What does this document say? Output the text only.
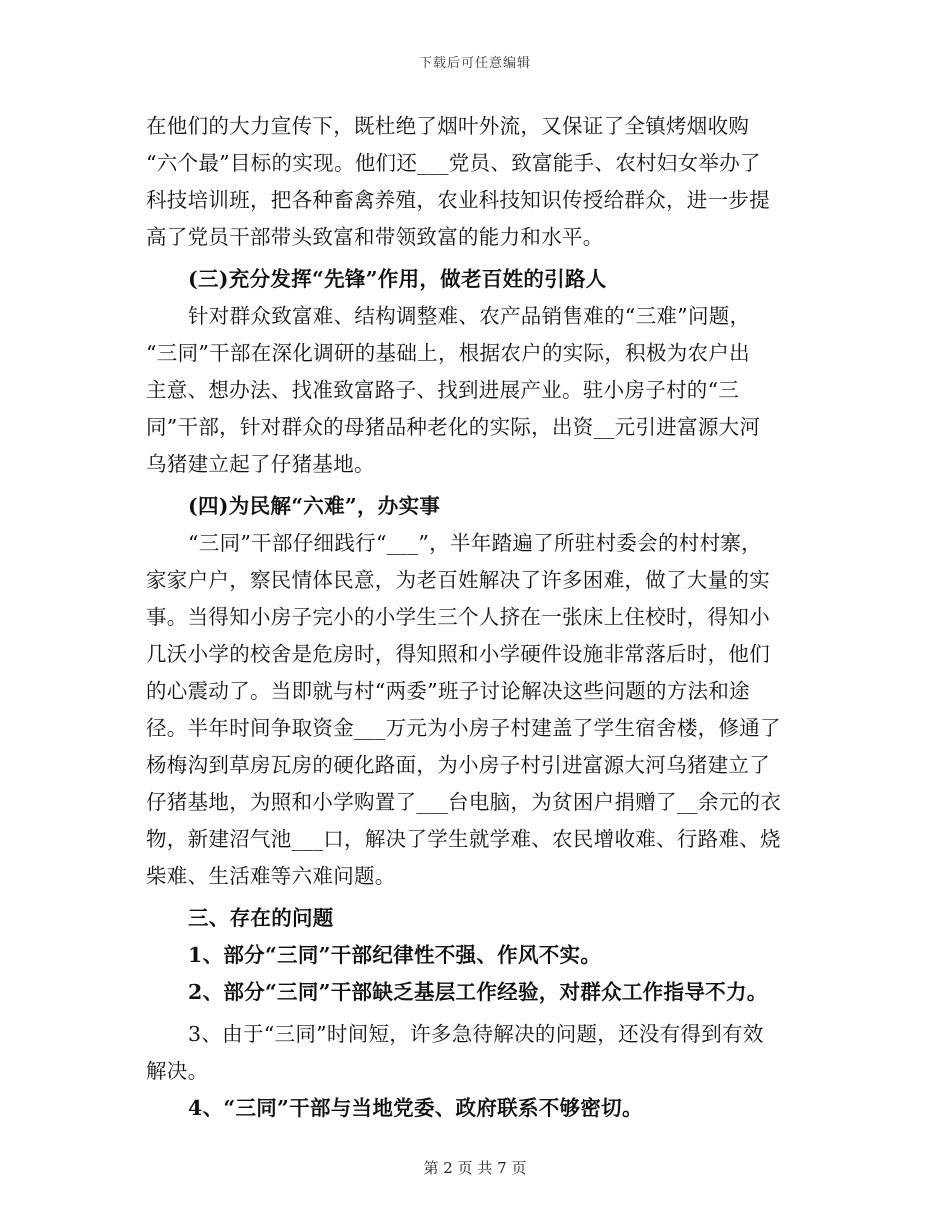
下载后可任意编辑
在他们的大力宣传下，既杜绝了烟叶外流，又保证了全镇烤烟收购
“六个最”目标的实现。他们还___党员、致富能手、农村妇女举办了
科技培训班，把各种畜禽养殖，农业科技知识传授给群众，进一步提
高了党员干部带头致富和带领致富的能力和水平。
(三)充分发挥“先锋”作用，做老百姓的引路人
针对群众致富难、结构调整难、农产品销售难的“三难”问题，
“三同”干部在深化调研的基础上，根据农户的实际，积极为农户出
主意、想办法、找准致富路子、找到进展产业。驻小房子村的“三
同”干部，针对群众的母猪品种老化的实际，出资__元引进富源大河
乌猪建立起了仔猪基地。
(四)为民解“六难”，办实事
“三同”干部仔细践行“___”，半年踏遍了所驻村委会的村村寨，
家家户户，察民情体民意，为老百姓解决了许多困难，做了大量的实
事。当得知小房子完小的小学生三个人挤在一张床上住校时，得知小
几沃小学的校舍是危房时，得知照和小学硬件设施非常落后时，他们
的心震动了。当即就与村“两委”班子讨论解决这些问题的方法和途
径。半年时间争取资金___万元为小房子村建盖了学生宿舍楼，修通了
杨梅沟到草房瓦房的硬化路面，为小房子村引进富源大河乌猪建立了
仔猪基地，为照和小学购置了___台电脑，为贫困户捐赠了__余元的衣
物，新建沼气池___口，解决了学生就学难、农民增收难、行路难、烧
柴难、生活难等六难问题。
三、存在的问题
1、部分“三同”干部纪律性不强、作风不实。
2、部分“三同”干部缺乏基层工作经验，对群众工作指导不力。
3、由于“三同”时间短，许多急待解决的问题，还没有得到有效
解决。
4、“三同”干部与当地党委、政府联系不够密切。
第 2 页 共 7 页
